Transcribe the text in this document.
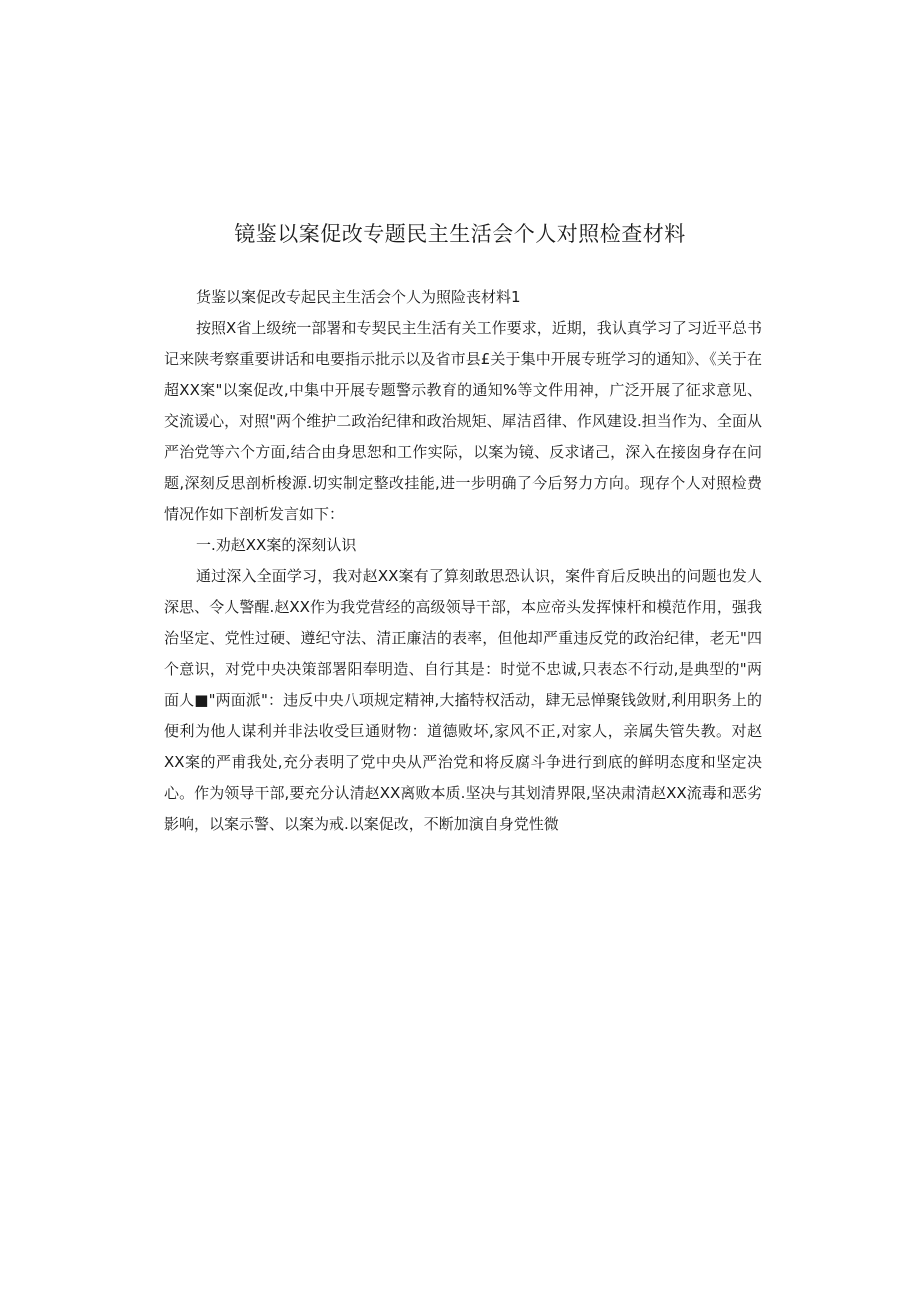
镜鉴以案促改专题民主生活会个人对照检查材料

货鉴以案促改专起民主生活会个人为照险丧材料1

按照X省上级统一部署和专契民主生活有关工作要求，近期，我认真学习了习近平总书记来陕考察重要讲话和电要指示批示以及省市县£关于集中开展专班学习的通知》、《关于在超XX案"以案促改,中集中开展专题警示教育的通知%等文件用神，广泛开展了征求意见、交流谖心，对照"两个维护二政治纪律和政治规矩、犀洁舀律、作风建设.担当作为、全面从严治党等六个方面,结合由身思恕和工作实际，以案为镜、反求诸己，深入在接囱身存在问题,深刻反思剖析梭源.切实制定整改挂能,进一步明确了今后努力方向。现存个人对照检费情况作如下剖析发言如下：

一.劝赵XX案的深刻认识

通过深入全面学习，我对赵XX案有了算刻敢思恐认识，案件育后反映出的问题也发人深思、令人警醒.赵XX作为我党营经的高级领导干部，本应帝头发挥悚杆和模范作用，强我治坚定、党性过硬、遵纪守法、清正廉洁的表率，但他却严重违反党的政治纪律，老无"四个意识，对党中央决策部署阳奉明造、自行其是：时觉不忠诚,只表态不行动,是典型的"两面人■"两面派"：违反中央八项规定精神,大搐特权活动，肆无忌惮聚钱敛财,利用职务上的便利为他人谋利并非法收受巨通财物：道德败坏,家风不正,对家人，亲属失管失教。对赵XX案的严甫我处,充分表明了党中央从严治党和将反腐斗争进行到底的鲜明态度和坚定决心。作为领导干部,要充分认清赵XX离败本质.坚决与其划清界限,坚决肃清赵XX流毒和恶劣影响，以案示警、以案为戒.以案促改，不断加演自身党性微
